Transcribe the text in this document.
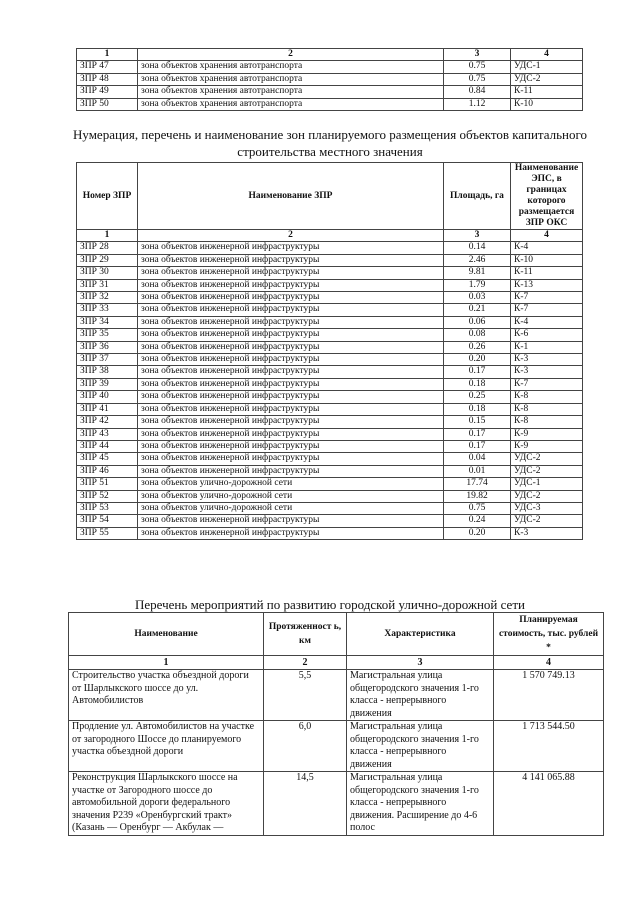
1	2	3	4
ЗПР 47	зона объектов хранения автотранспорта	0.75	УДС-1
ЗПР 48	зона объектов хранения автотранспорта	0.75	УДС-2
ЗПР 49	зона объектов хранения автотранспорта	0.84	К-11
ЗПР 50	зона объектов хранения автотранспорта	1.12	К-10
Нумерация, перечень и наименование зон планируемого размещения объектов капитального
строительства местного значения
Номер ЗПР	Наименование ЗПР	Площадь, га	Наименование ЭПС, в границах которого размещается ЗПР ОКС
1	2	3	4
ЗПР 28	зона объектов инженерной инфраструктуры	0.14	К-4
ЗПР 29	зона объектов инженерной инфраструктуры	2.46	К-10
ЗПР 30	зона объектов инженерной инфраструктуры	9.81	К-11
ЗПР 31	зона объектов инженерной инфраструктуры	1.79	К-13
ЗПР 32	зона объектов инженерной инфраструктуры	0.03	К-7
ЗПР 33	зона объектов инженерной инфраструктуры	0.21	К-7
ЗПР 34	зона объектов инженерной инфраструктуры	0.06	К-4
ЗПР 35	зона объектов инженерной инфраструктуры	0.08	К-6
ЗПР 36	зона объектов инженерной инфраструктуры	0.26	К-1
ЗПР 37	зона объектов инженерной инфраструктуры	0.20	К-3
ЗПР 38	зона объектов инженерной инфраструктуры	0.17	К-3
ЗПР 39	зона объектов инженерной инфраструктуры	0.18	К-7
ЗПР 40	зона объектов инженерной инфраструктуры	0.25	К-8
ЗПР 41	зона объектов инженерной инфраструктуры	0.18	К-8
ЗПР 42	зона объектов инженерной инфраструктуры	0.15	К-8
ЗПР 43	зона объектов инженерной инфраструктуры	0.17	К-9
ЗПР 44	зона объектов инженерной инфраструктуры	0.17	К-9
ЗПР 45	зона объектов инженерной инфраструктуры	0.04	УДС-2
ЗПР 46	зона объектов инженерной инфраструктуры	0.01	УДС-2
ЗПР 51	зона объектов улично-дорожной сети	17.74	УДС-1
ЗПР 52	зона объектов улично-дорожной сети	19.82	УДС-2
ЗПР 53	зона объектов улично-дорожной сети	0.75	УДС-3
ЗПР 54	зона объектов инженерной инфраструктуры	0.24	УДС-2
ЗПР 55	зона объектов инженерной инфраструктуры	0.20	К-3
Перечень мероприятий по развитию городской улично-дорожной сети
Наименование	Протяженност ь, км	Характеристика	Планируемая стоимость, тыс. рублей *
1	2	3	4
Строительство участка объездной дороги от Шарлыкского шоссе до ул. Автомобилистов	5,5	Магистральная улица общегородского значения 1-го класса - непрерывного движения	1 570 749.13
Продление ул. Автомобилистов на участке от загородного Шоссе до планируемого участка объездной дороги	6,0	Магистральная улица общегородского значения 1-го класса - непрерывного движения	1 713 544.50
Реконструкция Шарлыкского шоссе на участке от Загородного шоссе до автомобильной дороги федерального значения Р239 «Оренбургский тракт» (Казань — Оренбург — Акбулак —	14,5	Магистральная улица общегородского значения 1-го класса - непрерывного движения. Расширение до 4-6 полос	4 141 065.88
